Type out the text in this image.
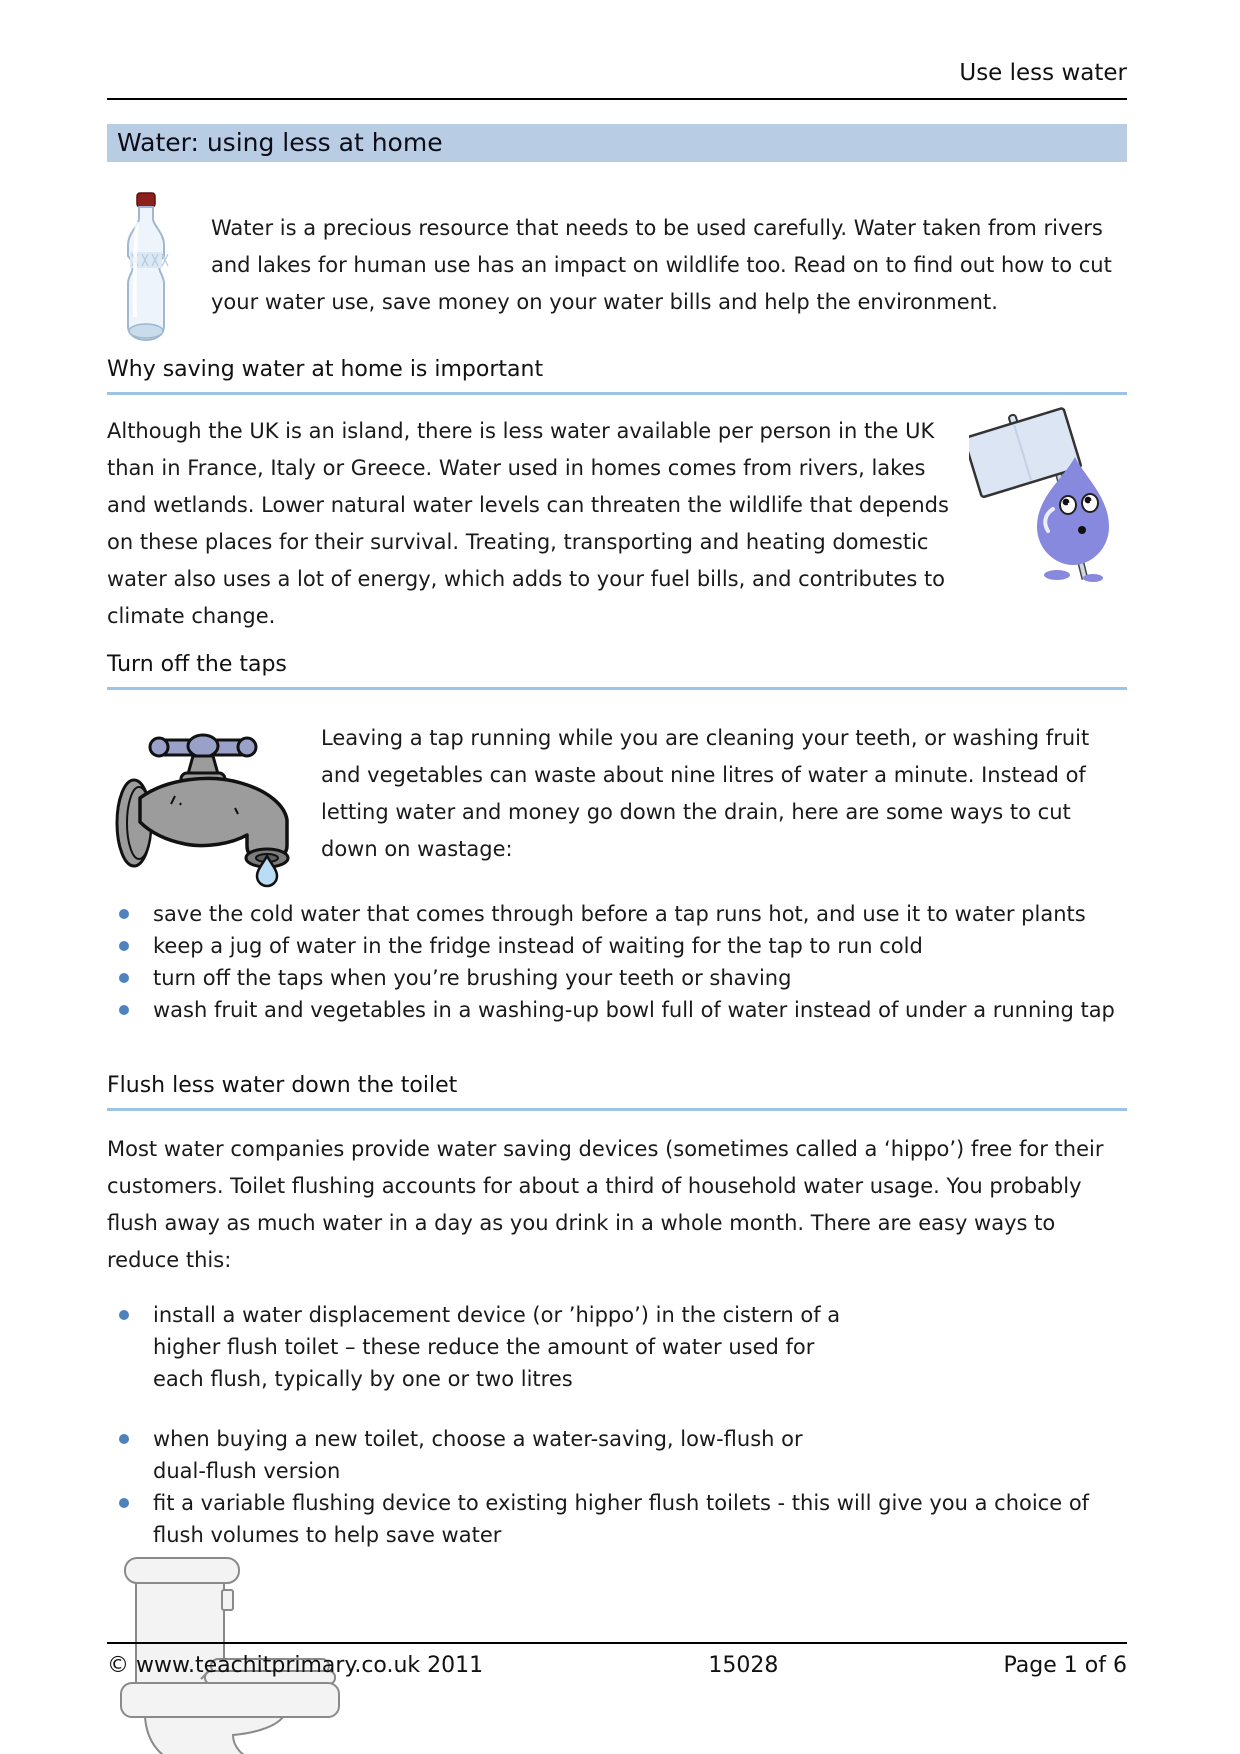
Use less water
Water: using less at home

Water is a precious resource that needs to be used carefully. Water taken from rivers and lakes for human use has an impact on wildlife too. Read on to find out how to cut your water use, save money on your water bills and help the environment.

Why saving water at home is important

Although the UK is an island, there is less water available per person in the UK than in France, Italy or Greece. Water used in homes comes from rivers, lakes and wetlands. Lower natural water levels can threaten the wildlife that depends on these places for their survival. Treating, transporting and heating domestic water also uses a lot of energy, which adds to your fuel bills, and contributes to climate change.

Turn off the taps

Leaving a tap running while you are cleaning your teeth, or washing fruit and vegetables can waste about nine litres of water a minute. Instead of letting water and money go down the drain, here are some ways to cut down on wastage:

save the cold water that comes through before a tap runs hot, and use it to water plants
keep a jug of water in the fridge instead of waiting for the tap to run cold
turn off the taps when you’re brushing your teeth or shaving
wash fruit and vegetables in a washing-up bowl full of water instead of under a running tap
Flush less water down the toilet

Most water companies provide water saving devices (sometimes called a ‘hippo’) free for their customers. Toilet flushing accounts for about a third of household water usage. You probably flush away as much water in a day as you drink in a whole month. There are easy ways to reduce this:

install a water displacement device (or ’hippo’) in the cistern of a higher flush toilet – these reduce the amount of water used for each flush, typically by one or two litres
when buying a new toilet, choose a water-saving, low-flush or dual-flush version
fit a variable flushing device to existing higher flush toilets - this will give you a choice of flush volumes to help save water
© www.teachitprimary.co.uk 2011	15028	Page 1 of 6
